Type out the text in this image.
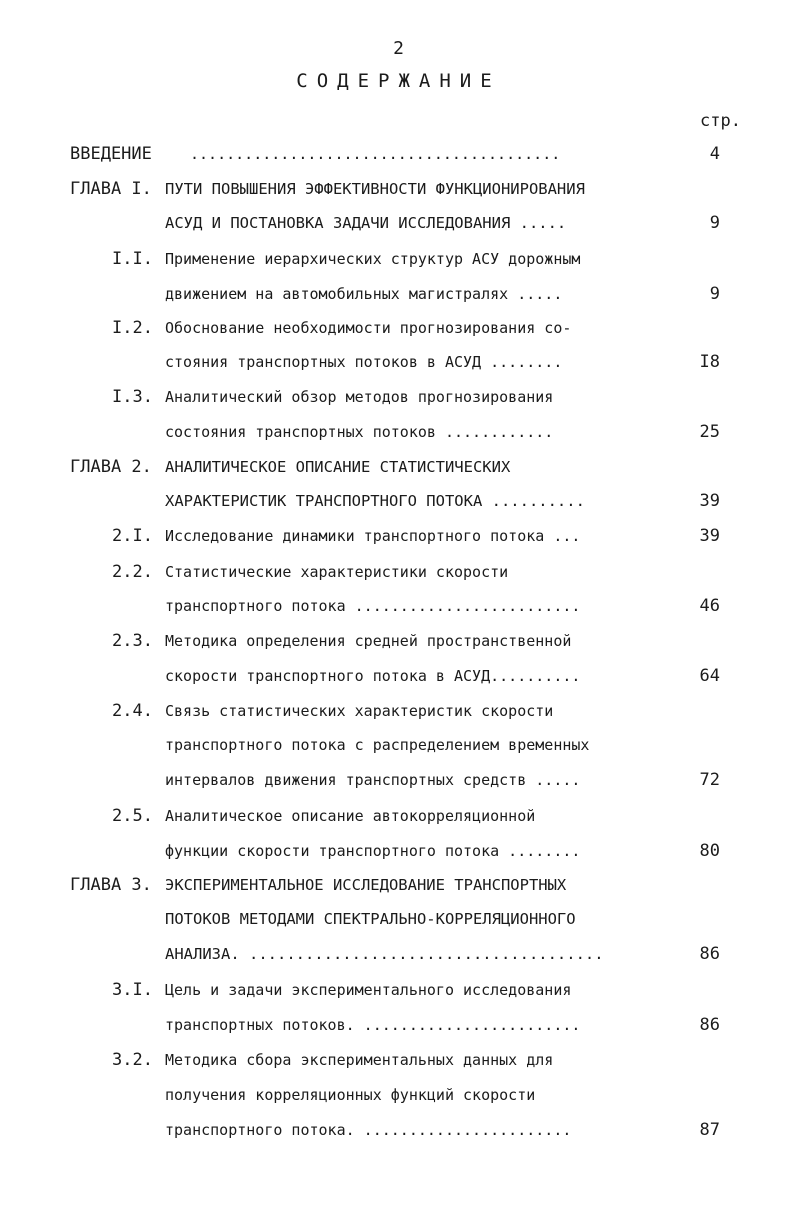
2
СОДЕРЖАНИЕ
стр.
ВВЕДЕНИЕ	.........................................	4
ГЛАВА I. ПУТИ ПОВЫШЕНИЯ ЭФФЕКТИВНОСТИ ФУНКЦИОНИРОВАНИЯ
АСУД И ПОСТАНОВКА ЗАДАЧИ ИССЛЕДОВАНИЯ .....	9
I.I. Применение иерархических структур АСУ дорожным
движением на автомобильных магистралях .....	9
I.2. Обоснование необходимости прогнозирования со-
стояния транспортных потоков в АСУД ........	I8
I.3. Аналитический обзор методов прогнозирования
состояния транспортных потоков ............	25
ГЛАВА 2. АНАЛИТИЧЕСКОЕ ОПИСАНИЕ СТАТИСТИЧЕСКИХ
ХАРАКТЕРИСТИК ТРАНСПОРТНОГО ПОТОКА ..........	39
2.I. Исследование динамики транспортного потока ...	39
2.2. Статистические характеристики скорости
транспортного потока .........................	46
2.3. Методика определения средней пространственной
скорости транспортного потока в АСУД..........	64
2.4. Связь статистических характеристик скорости
транспортного потока с распределением временных
интервалов движения транспортных средств .....	72
2.5. Аналитическое описание автокорреляционной
функции скорости транспортного потока ........	80
ГЛАВА 3. ЭКСПЕРИМЕНТАЛЬНОЕ ИССЛЕДОВАНИЕ ТРАНСПОРТНЫХ
ПОТОКОВ МЕТОДАМИ СПЕКТРАЛЬНО-КОРРЕЛЯЦИОННОГО
АНАЛИЗА. ......................................	86
3.I. Цель и задачи экспериментального исследования
транспортных потоков. ........................	86
3.2. Методика сбора экспериментальных данных для
получения корреляционных функций скорости
транспортного потока. .......................	87
